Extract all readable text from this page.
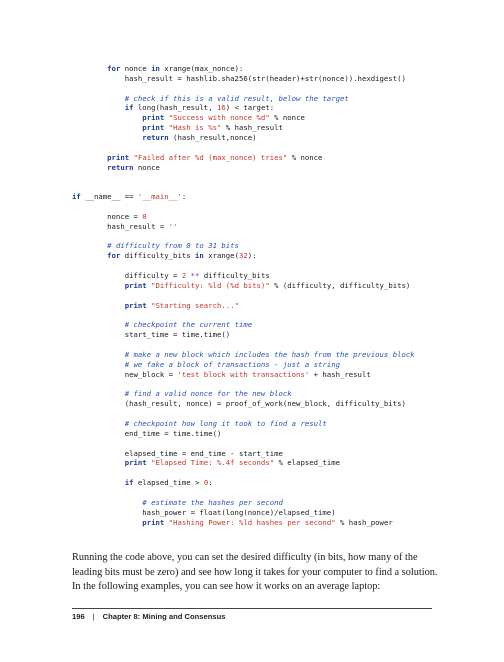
for nonce in xrange(max_nonce):
hash_result = hashlib.sha256(str(header)+str(nonce)).hexdigest()
# check if this is a valid result, below the target
if long(hash_result, 16) < target:
print "Success with nonce %d" % nonce
print "Hash is %s" % hash_result
return (hash_result,nonce)
print "Failed after %d (max_nonce) tries" % nonce
return nonce
if __name__ == '__main__':
nonce = 0
hash_result = ''
# difficulty from 0 to 31 bits
for difficulty_bits in xrange(32):
difficulty = 2 ** difficulty_bits
print "Difficulty: %ld (%d bits)" % (difficulty, difficulty_bits)
print "Starting search..."
# checkpoint the current time
start_time = time.time()
# make a new block which includes the hash from the previous block
# we fake a block of transactions - just a string
new_block = 'test block with transactions' + hash_result
# find a valid nonce for the new block
(hash_result, nonce) = proof_of_work(new_block, difficulty_bits)
# checkpoint how long it took to find a result
end_time = time.time()
elapsed_time = end_time - start_time
print "Elapsed Time: %.4f seconds" % elapsed_time
if elapsed_time > 0:
# estimate the hashes per second
hash_power = float(long(nonce)/elapsed_time)
print "Hashing Power: %ld hashes per second" % hash_power
Running the code above, you can set the desired difficulty (in bits, how many of the
leading bits must be zero) and see how long it takes for your computer to find a solution.
In the following examples, you can see how it works on an average laptop:
196 | Chapter 8: Mining and Consensus
